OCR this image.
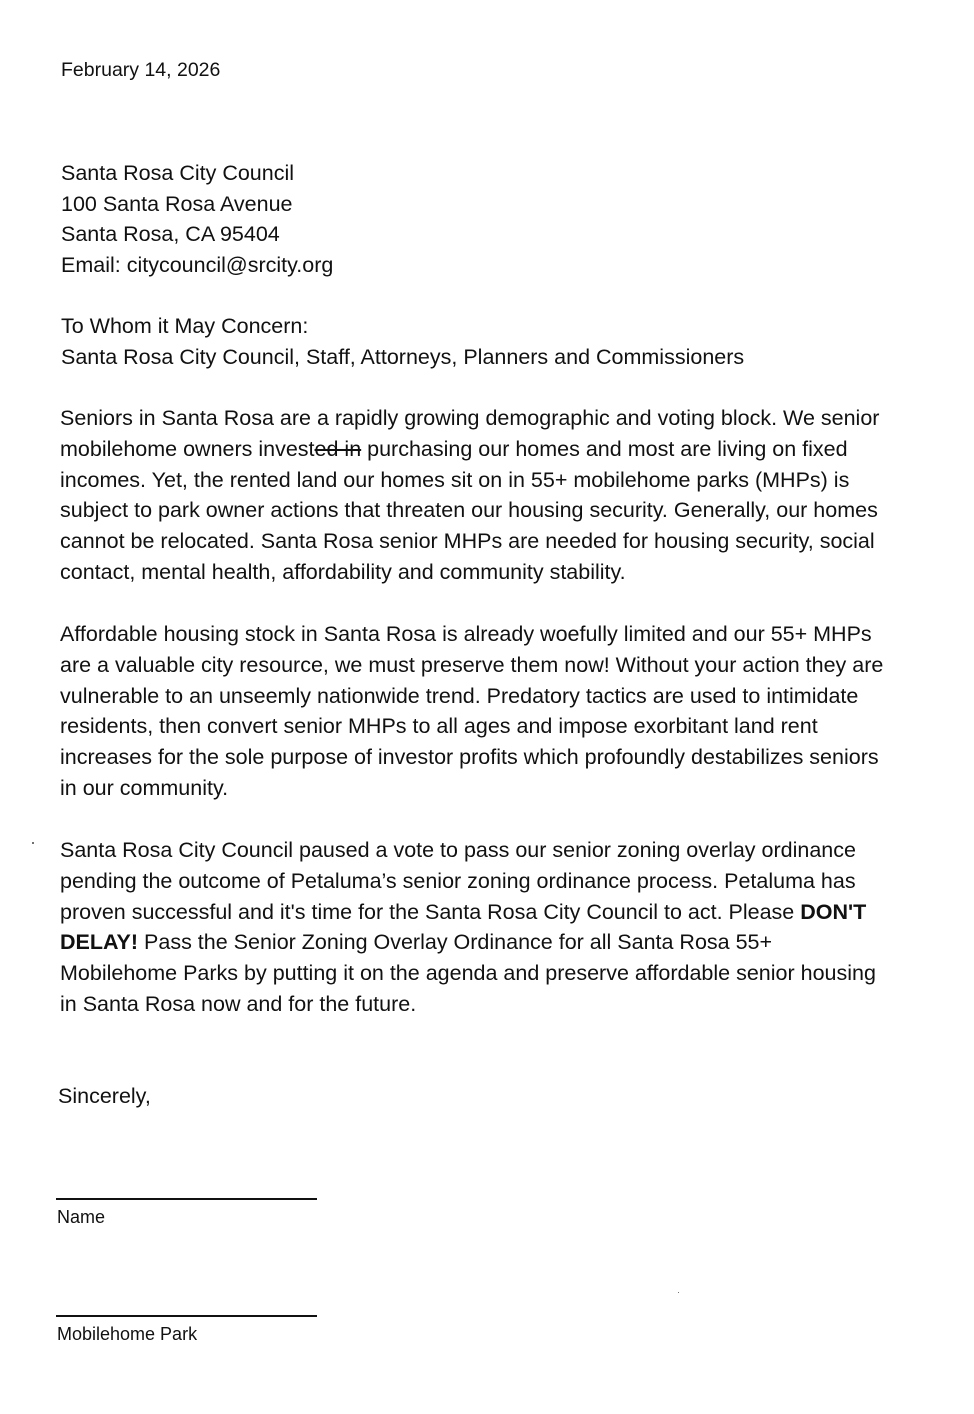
February 14, 2026

Santa Rosa City Council
100 Santa Rosa Avenue
Santa Rosa, CA 95404
Email: citycouncil@srcity.org
To Whom it May Concern:
Santa Rosa City Council, Staff, Attorneys, Planners and Commissioners

Seniors in Santa Rosa are a rapidly growing demographic and voting block. We senior
mobilehome owners invested in purchasing our homes and most are living on fixed
incomes. Yet, the rented land our homes sit on in 55+ mobilehome parks (MHPs) is
subject to park owner actions that threaten our housing security. Generally, our homes
cannot be relocated. Santa Rosa senior MHPs are needed for housing security, social
contact, mental health, affordability and community stability.

Affordable housing stock in Santa Rosa is already woefully limited and our 55+ MHPs
are a valuable city resource, we must preserve them now! Without your action they are
vulnerable to an unseemly nationwide trend. Predatory tactics are used to intimidate
residents, then convert senior MHPs to all ages and impose exorbitant land rent
increases for the sole purpose of investor profits which profoundly destabilizes seniors
in our community.

Santa Rosa City Council paused a vote to pass our senior zoning overlay ordinance
pending the outcome of Petaluma’s senior zoning ordinance process. Petaluma has
proven successful and it's time for the Santa Rosa City Council to act. Please DON'T
DELAY! Pass the Senior Zoning Overlay Ordinance for all Santa Rosa 55+
Mobilehome Parks by putting it on the agenda and preserve affordable senior housing
in Santa Rosa now and for the future.

Sincerely,

Name

Mobilehome Park
